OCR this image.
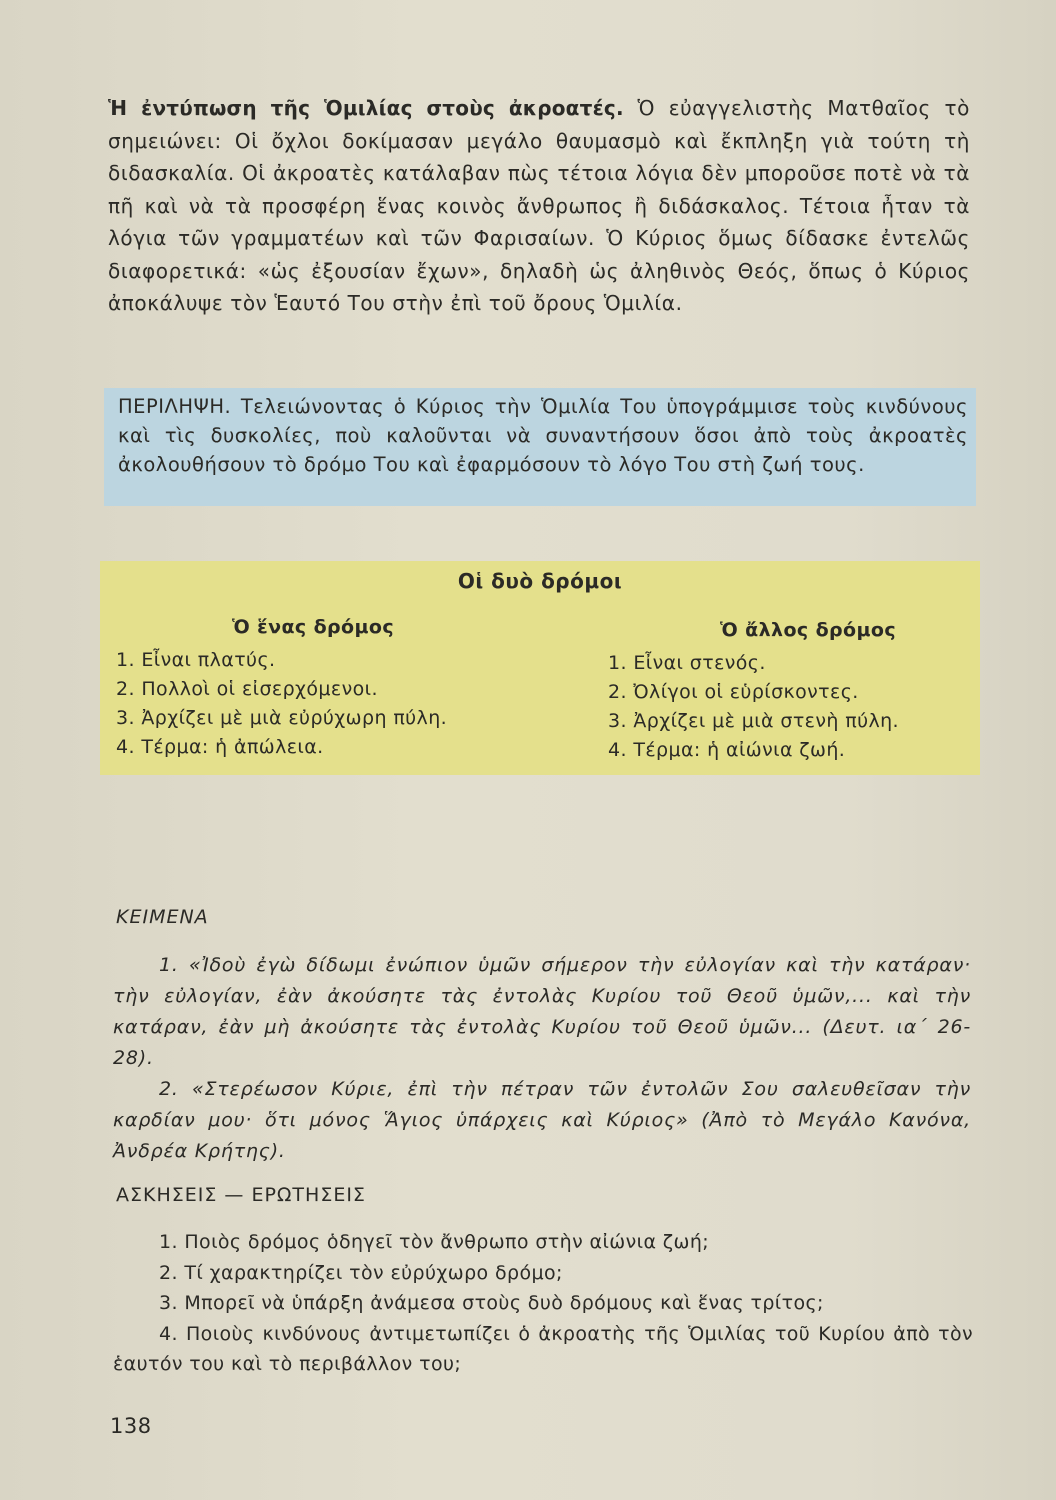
Ἡ ἐντύπωση τῆς Ὁμιλίας στοὺς ἀκροατές. Ὁ εὐαγγελιστὴς Ματθαῖος τὸ σημειώνει: Οἱ ὄχλοι δοκίμασαν μεγάλο θαυμασμὸ καὶ ἔκπληξη γιὰ τούτη τὴ διδασκαλία. Οἱ ἀκροατὲς κατάλαβαν πὼς τέτοια λόγια δὲν μποροῦσε ποτὲ νὰ τὰ πῆ καὶ νὰ τὰ προσφέρη ἕνας κοινὸς ἄνθρωπος ἢ διδάσκαλος. Τέτοια ἦταν τὰ λόγια τῶν γραμματέων καὶ τῶν Φαρισαίων. Ὁ Κύριος ὅμως δίδασκε ἐντελῶς διαφορετικά: «ὡς ἐξουσίαν ἔχων», δηλαδὴ ὡς ἀληθινὸς Θεός, ὅπως ὁ Κύριος ἀποκάλυψε τὸν Ἑαυτό Του στὴν ἐπὶ τοῦ ὄρους Ὁμιλία.
ΠΕΡΙΛΗΨΗ. Τελειώνοντας ὁ Κύριος τὴν Ὁμιλία Του ὑπογράμμισε τοὺς κινδύνους καὶ τὶς δυσκολίες, ποὺ καλοῦνται νὰ συναντήσουν ὅσοι ἀπὸ τοὺς ἀκροατὲς ἀκολουθήσουν τὸ δρόμο Του καὶ ἐφαρμόσουν τὸ λόγο Του στὴ ζωή τους.
Οἱ δυὸ δρόμοι
Ὁ ἕνας δρόμος
1. Εἶναι πλατύς.
2. Πολλοὶ οἱ εἰσερχόμενοι.
3. Ἀρχίζει μὲ μιὰ εὐρύχωρη πύλη.
4. Τέρμα: ἡ ἀπώλεια.
Ὁ ἄλλος δρόμος
1. Εἶναι στενός.
2. Ὀλίγοι οἱ εὑρίσκοντες.
3. Ἀρχίζει μὲ μιὰ στενὴ πύλη.
4. Τέρμα: ἡ αἰώνια ζωή.
ΚΕΙΜΕΝΑ

1. «Ἰδοὺ ἐγὼ δίδωμι ἐνώπιον ὑμῶν σήμερον τὴν εὐλογίαν καὶ τὴν κατάραν· τὴν εὐλογίαν, ἐὰν ἀκούσητε τὰς ἐντολὰς Κυρίου τοῦ Θεοῦ ὑμῶν,... καὶ τὴν κατάραν, ἐὰν μὴ ἀκούσητε τὰς ἐντολὰς Κυρίου τοῦ Θεοῦ ὑμῶν... (Δευτ. ια΄ 26-28).

2. «Στερέωσον Κύριε, ἐπὶ τὴν πέτραν τῶν ἐντολῶν Σου σαλευθεῖσαν τὴν καρδίαν μου· ὅτι μόνος Ἅγιος ὑπάρχεις καὶ Κύριος» (Ἀπὸ τὸ Μεγάλο Κανόνα, Ἀνδρέα Κρήτης).

ΑΣΚΗΣΕΙΣ — ΕΡΩΤΗΣΕΙΣ
1. Ποιὸς δρόμος ὁδηγεῖ τὸν ἄνθρωπο στὴν αἰώνια ζωή;
2. Τί χαρακτηρίζει τὸν εὐρύχωρο δρόμο;
3. Μπορεῖ νὰ ὑπάρξη ἀνάμεσα στοὺς δυὸ δρόμους καὶ ἕνας τρίτος;
4. Ποιοὺς κινδύνους ἀντιμετωπίζει ὁ ἀκροατὴς τῆς Ὁμιλίας τοῦ Κυρίου ἀπὸ τὸν ἑαυτόν του καὶ τὸ περιβάλλον του;
138
